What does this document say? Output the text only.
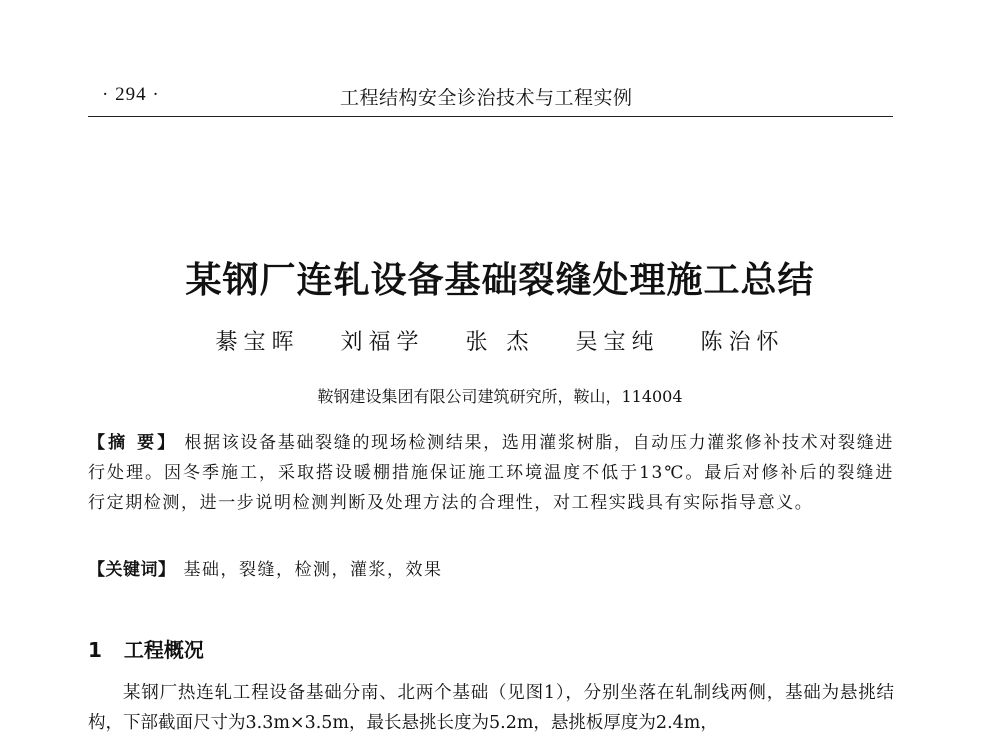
· 294 ·	工程结构安全诊治技术与工程实例
某钢厂连轧设备基础裂缝处理施工总结
綦宝晖 刘福学 张 杰 吴宝纯 陈治怀
鞍钢建设集团有限公司建筑研究所，鞍山，114004
【摘 要】 根据该设备基础裂缝的现场检测结果，选用灌浆树脂，自动压力灌浆修补技术对裂缝进行处理。因冬季施工，采取搭设暖棚措施保证施工环境温度不低于13℃。最后对修补后的裂缝进行定期检测，进一步说明检测判断及处理方法的合理性，对工程实践具有实际指导意义。
【关键词】 基础，裂缝，检测，灌浆，效果
1 工程概况
某钢厂热连轧工程设备基础分南、北两个基础（见图1），分别坐落在轧制线两侧，基础为悬挑结构，下部截面尺寸为3.3m×3.5m，最长悬挑长度为5.2m，悬挑板厚度为2.4m，
